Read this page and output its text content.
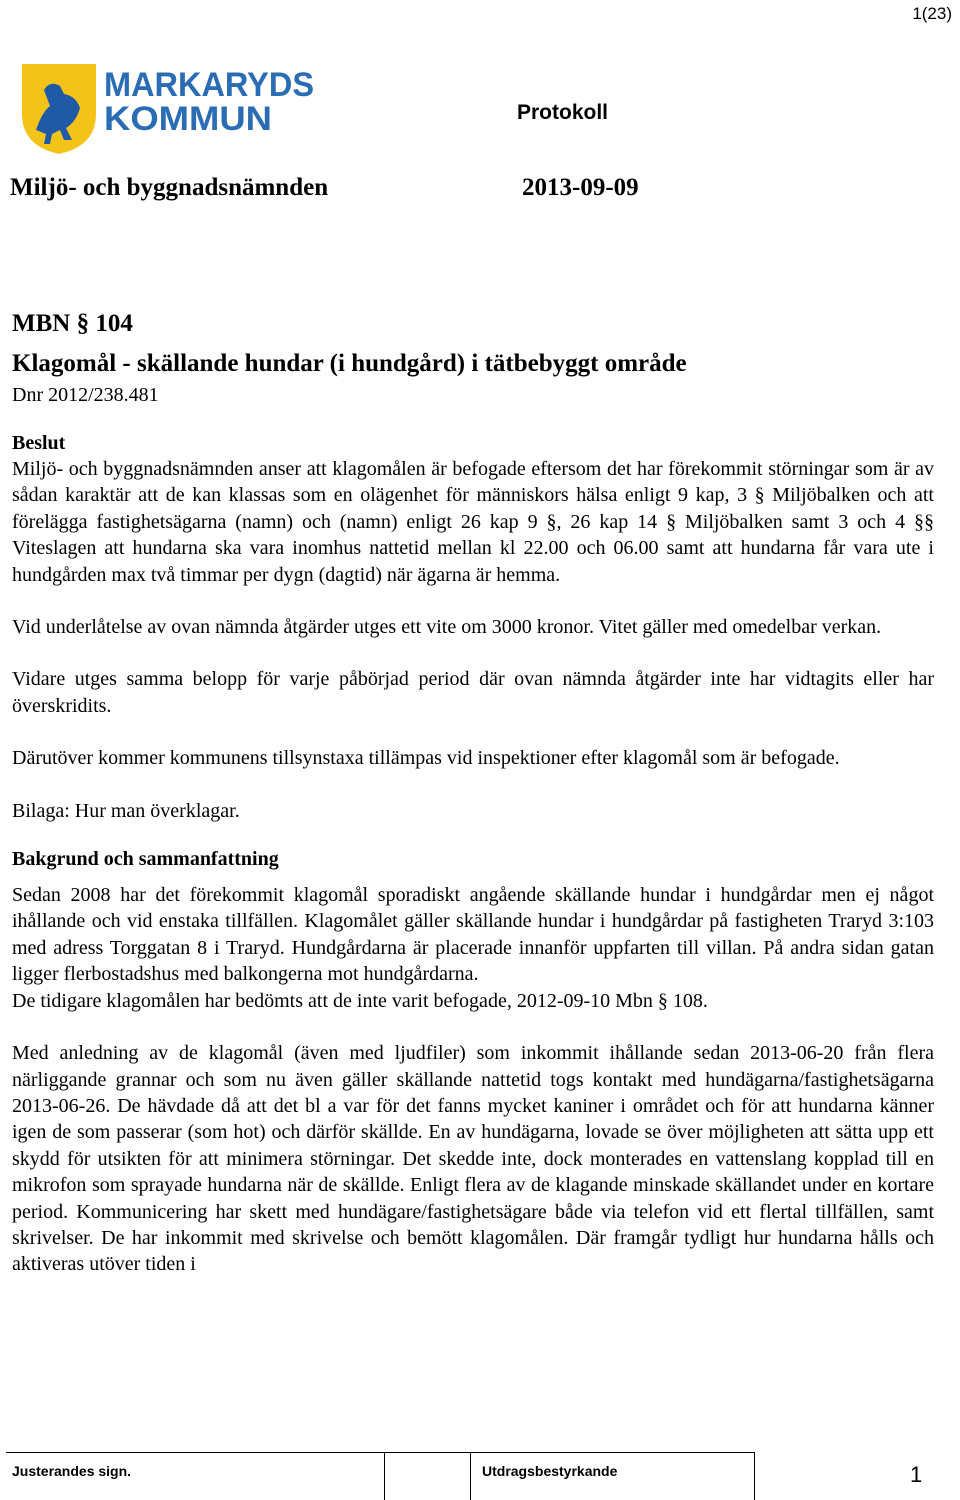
1(23)
MARKARYDS
KOMMUN	Protokoll
Miljö- och byggnadsnämnden	2013-09-09
MBN § 104
Klagomål - skällande hundar (i hundgård) i tätbebyggt område
Dnr 2012/238.481
Beslut
Miljö- och byggnadsnämnden anser att klagomålen är befogade eftersom det har förekommit störningar som är av sådan karaktär att de kan klassas som en olägenhet för människors hälsa enligt 9 kap, 3 § Miljöbalken och att förelägga fastighetsägarna (namn) och (namn) enligt 26 kap 9 §, 26 kap 14 § Miljöbalken samt 3 och 4 §§ Viteslagen att hundarna ska vara inomhus nattetid mellan kl 22.00 och 06.00 samt att hundarna får vara ute i hundgården max två timmar per dygn (dagtid) när ägarna är hemma.
Vid underlåtelse av ovan nämnda åtgärder utges ett vite om 3000 kronor. Vitet gäller med omedelbar verkan.
Vidare utges samma belopp för varje påbörjad period där ovan nämnda åtgärder inte har vidtagits eller har överskridits.
Därutöver kommer kommunens tillsynstaxa tillämpas vid inspektioner efter klagomål som är befogade.
Bilaga: Hur man överklagar.
Bakgrund och sammanfattning
Sedan 2008 har det förekommit klagomål sporadiskt angående skällande hundar i hundgårdar men ej något ihållande och vid enstaka tillfällen. Klagomålet gäller skällande hundar i hundgårdar på fastigheten Traryd 3:103 med adress Torggatan 8 i Traryd. Hundgårdarna är placerade innanför uppfarten till villan. På andra sidan gatan ligger flerbostadshus med balkongerna mot hundgårdarna.
De tidigare klagomålen har bedömts att de inte varit befogade, 2012-09-10 Mbn § 108.
Med anledning av de klagomål (även med ljudfiler) som inkommit ihållande sedan 2013-06-20 från flera närliggande grannar och som nu även gäller skällande nattetid togs kontakt med hundägarna/fastighetsägarna 2013-06-26. De hävdade då att det bl a var för det fanns mycket kaniner i området och för att hundarna känner igen de som passerar (som hot) och därför skällde. En av hundägarna, lovade se över möjligheten att sätta upp ett skydd för utsikten för att minimera störningar. Det skedde inte, dock monterades en vattenslang kopplad till en mikrofon som sprayade hundarna när de skällde. Enligt flera av de klagande minskade skällandet under en kortare period. Kommunicering har skett med hundägare/fastighetsägare både via telefon vid ett flertal tillfällen, samt skrivelser. De har inkommit med skrivelse och bemött klagomålen. Där framgår tydligt hur hundarna hålls och aktiveras utöver tiden i
Justerandes sign.	Utdragsbestyrkande	1
